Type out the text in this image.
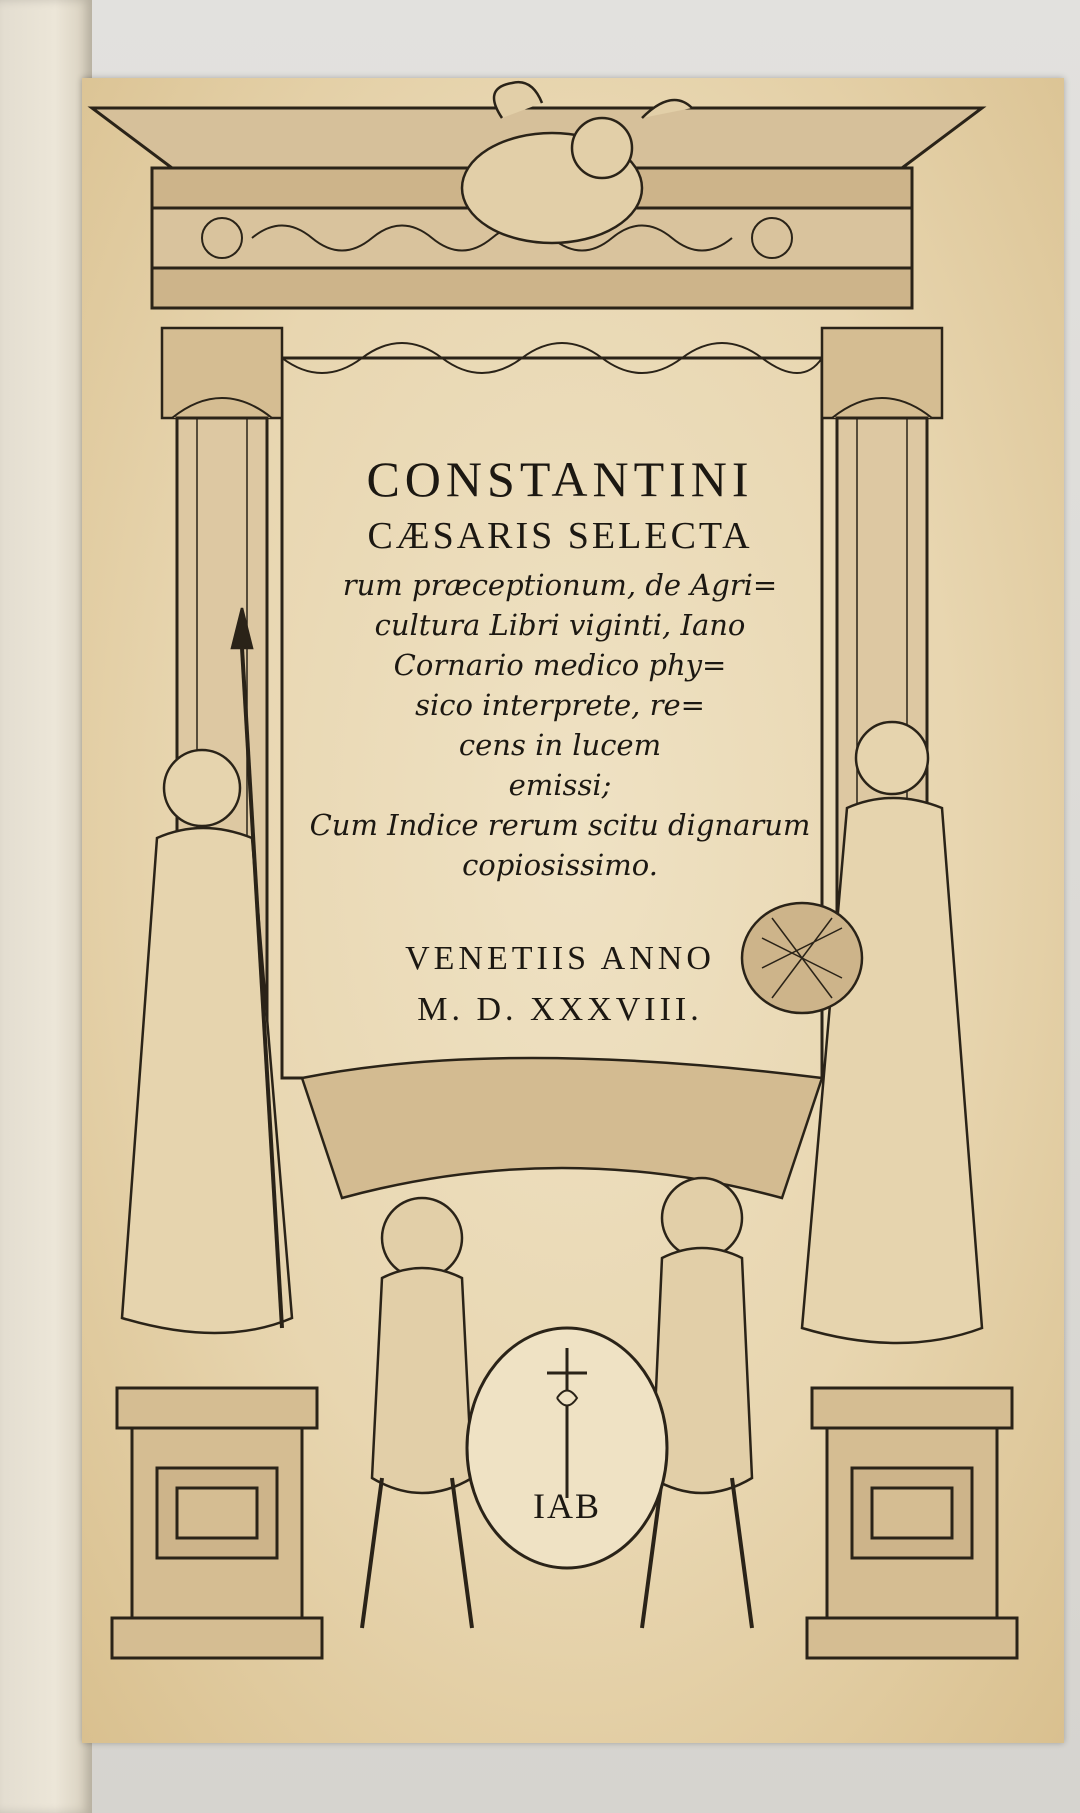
IAB
CONSTANTINI
CÆSARIS SELECTA
rum præceptionum, de Agri=
cultura Libri viginti, Iano
Cornario medico phy=
sico interprete, re=
cens in lucem
emissi;
Cum Indice rerum scitu dignarum
copiosissimo.
VENETIIS ANNO
M. D. XXXVIII.
